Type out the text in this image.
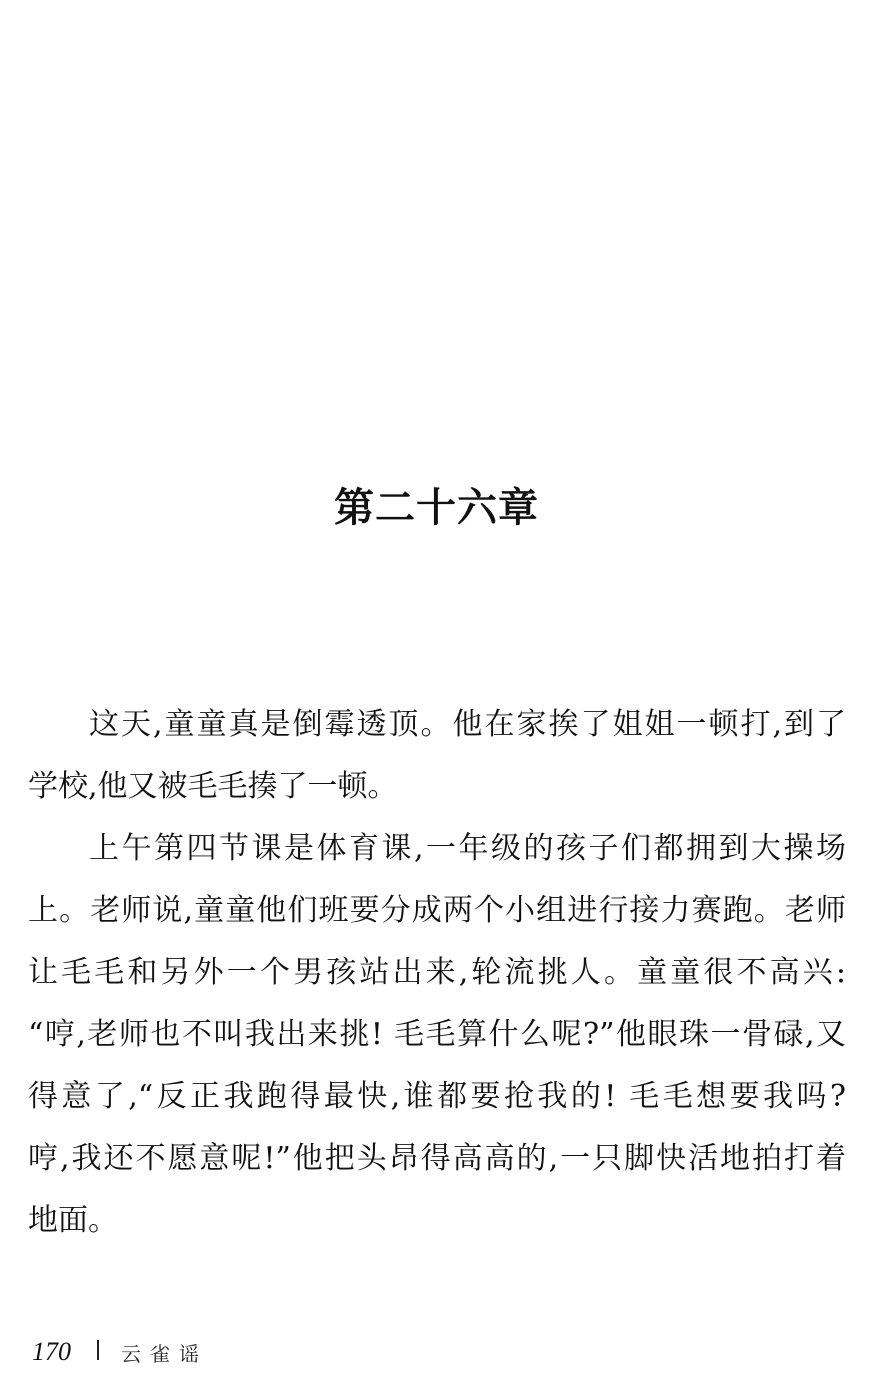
第二十六章
这天,童童真是倒霉透顶。他在家挨了姐姐一顿打,到了
学校,他又被毛毛揍了一顿。
上午第四节课是体育课,一年级的孩子们都拥到大操场
上。老师说,童童他们班要分成两个小组进行接力赛跑。老师
让毛毛和另外一个男孩站出来,轮流挑人。童童很不高兴:
“哼,老师也不叫我出来挑! 毛毛算什么呢?”他眼珠一骨碌,又
得意了,“反正我跑得最快,谁都要抢我的! 毛毛想要我吗?
哼,我还不愿意呢!”他把头昂得高高的,一只脚快活地拍打着
地面。
170	云雀谣
